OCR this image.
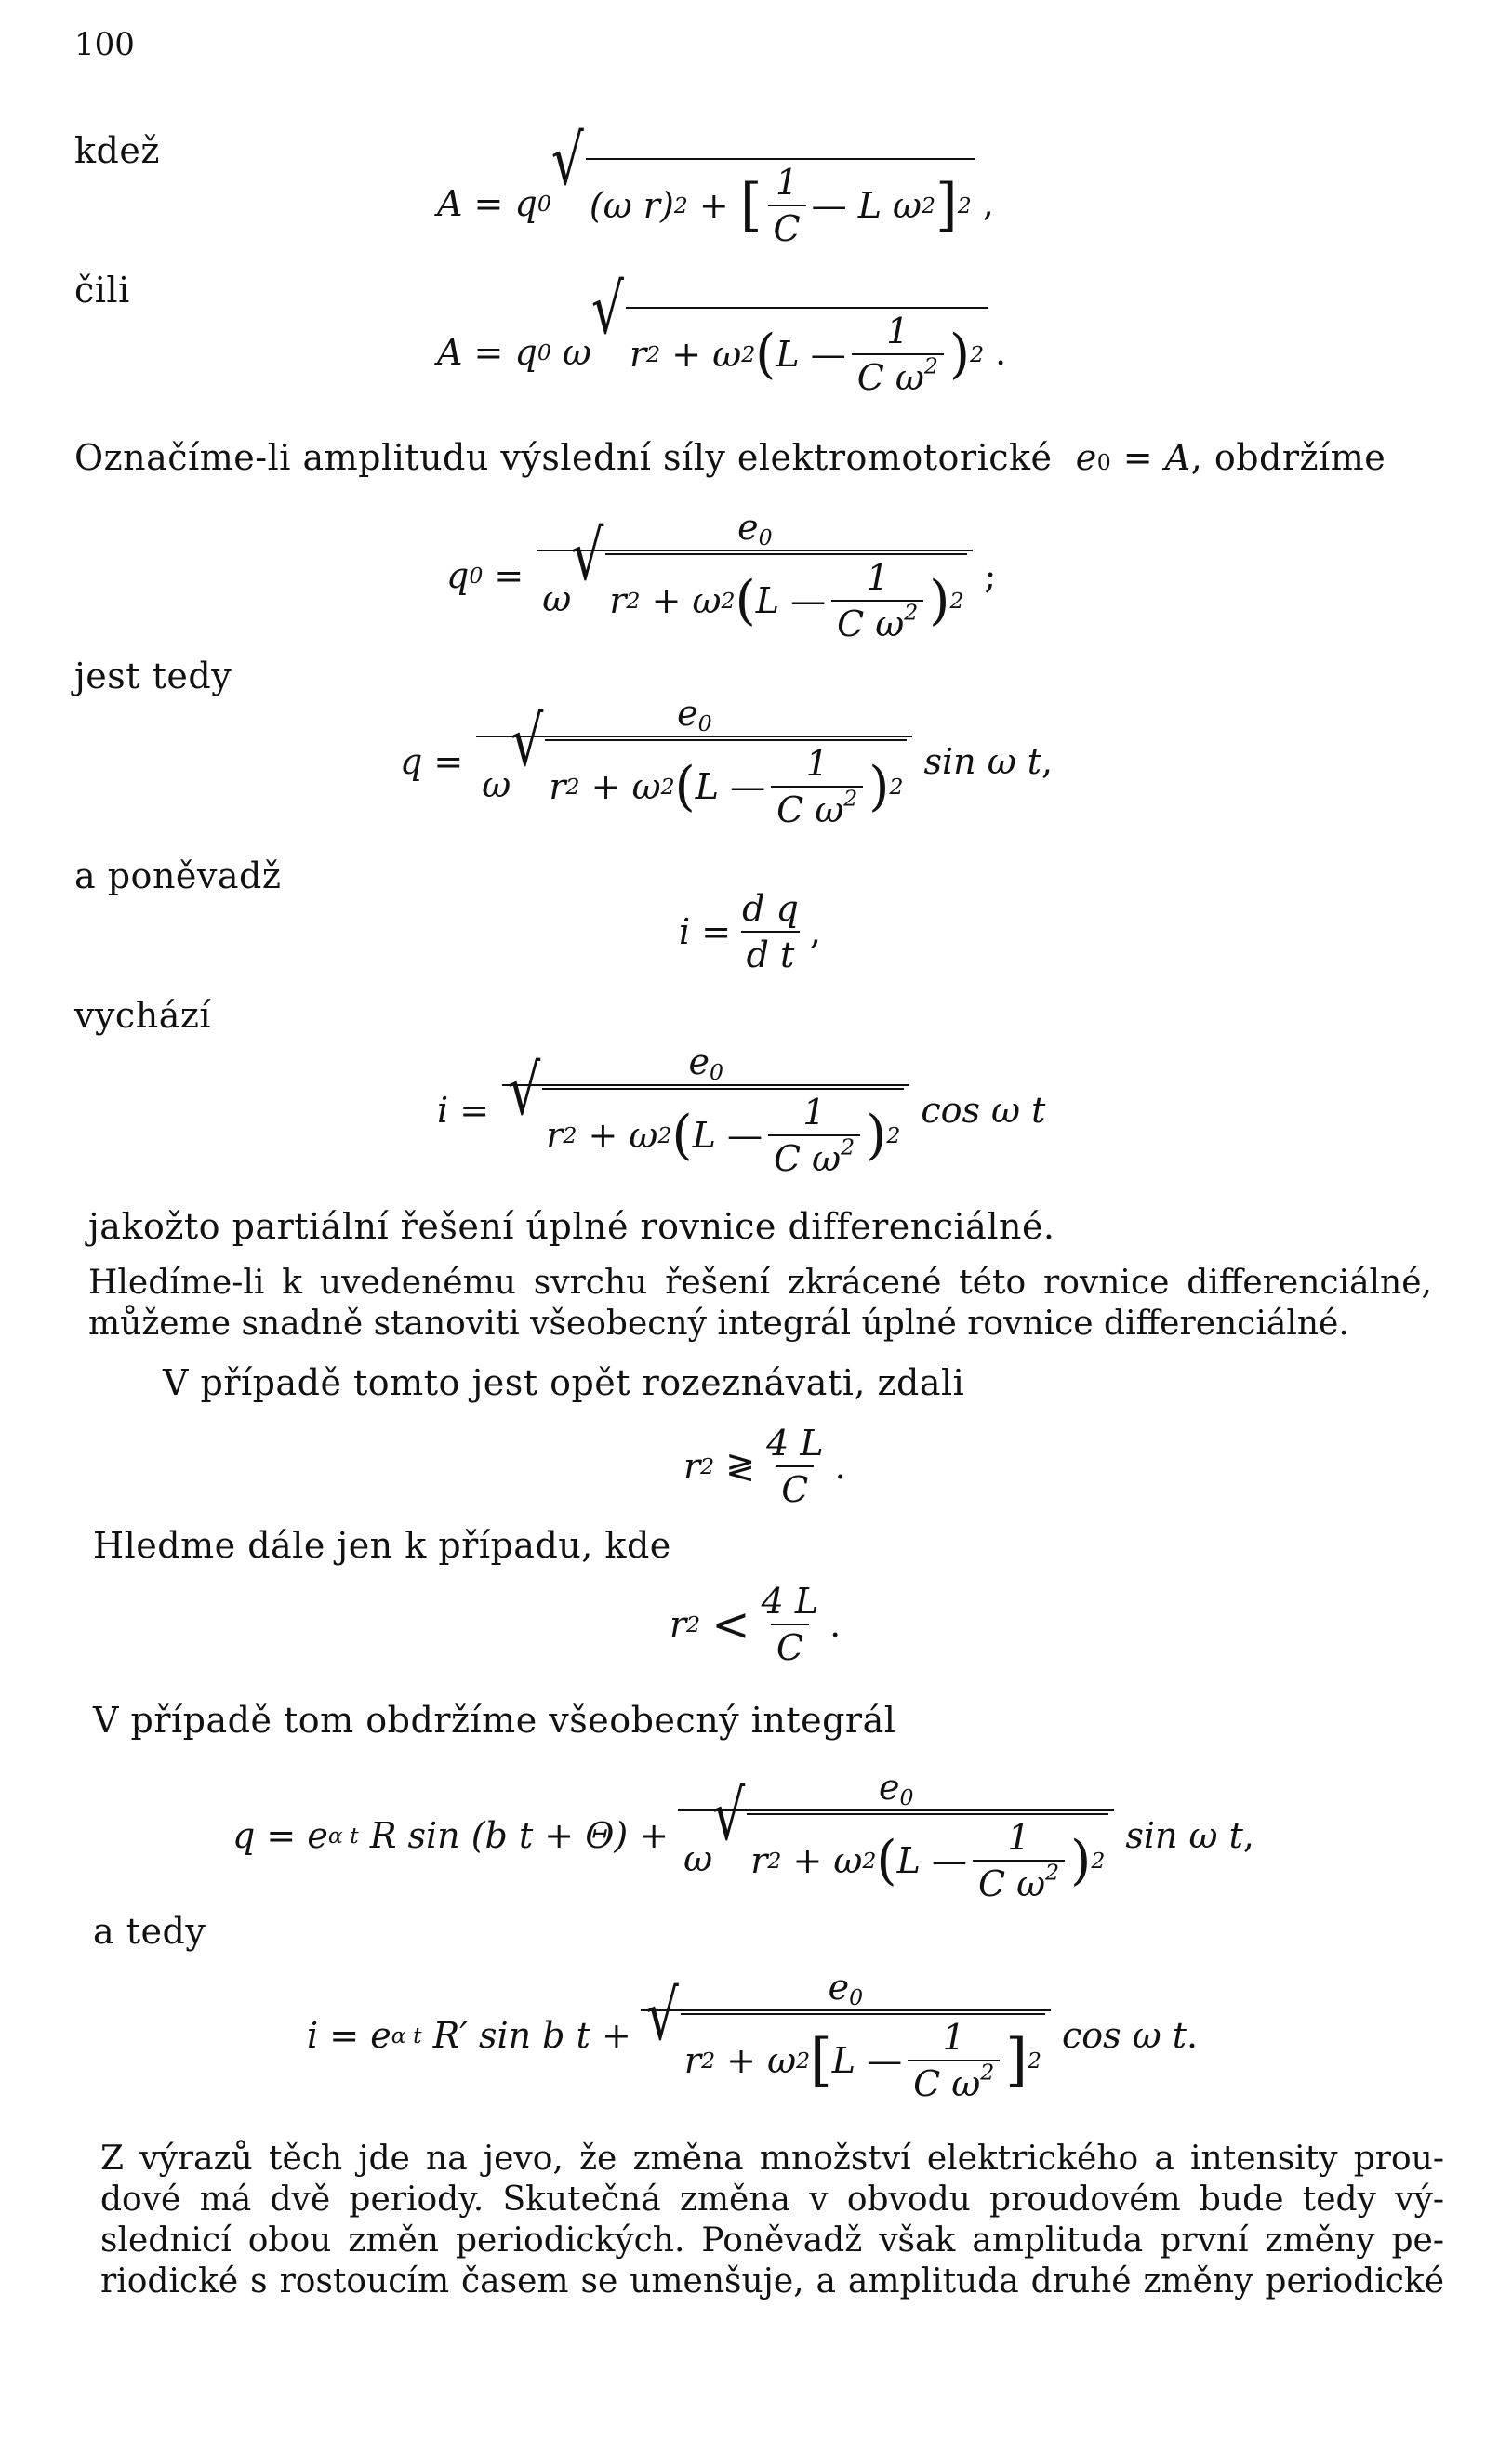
100
kdež
A
=
q 0
√
(ω r) 2
+
[ $\frac{1}{C}$ —
L ω 2 ] 2 ,
čili
A
=
q 0
ω
√
r 2
+
ω 2 ( L
— $\frac{1}{C \omega^2}$ ) 2 .
Označíme-li amplitudu výslední síly elektromotorické
e 0
=
A , obdržíme
q 0
=
$e_0$
ω
√
r 2
+
ω 2 ( L
— $\frac{1}{C \omega^2}$ ) 2
;
jest tedy
q
=
$e_0$
ω
√
r 2
+
ω 2 ( L
— $\frac{1}{C \omega^2}$ ) 2
sin ω t ,
a poněvadž
i
= $\frac{\text{d q}}{\text{d t}}$ ,
vychází
i
= $e_0$
√
r 2
+
ω 2 ( L
— $\frac{1}{C \omega^2}$ ) 2 cos ω t
jakožto partiální řešení úplné rovnice differenciálné.
Hledíme-li k uvedenému svrchu řešení zkrácené této rovnice differenciálné,
můžeme snadně stanoviti všeobecný integrál úplné rovnice differenciálné.
V případě tomto jest opět rozeznávati, zdali
r 2
≷ $\frac{4 L}{C}$ .
Hledme dále jen k případu, kde
r 2
< $\frac{4 L}{C}$ .
V případě tom obdržíme všeobecný integrál
q
=
e α t
R sin (b t + Θ)
+
$e_0$
ω
√
r 2
+
ω 2 ( L
— $\frac{1}{C \omega^2}$ ) 2
sin ω t ,
a tedy
i
=
e α t
R′ sin b t
+ $e_0$
√
r 2
+
ω 2 [ L
— $\frac{1}{C \omega^2}$ ] 2 cos ω t .
Z výrazů těch jde na jevo, že změna množství elektrického a intensity prou-
dové má dvě periody. Skutečná změna v obvodu proudovém bude tedy vý-
slednicí obou změn periodických. Poněvadž však amplituda první změny pe-
riodické s rostoucím časem se umenšuje, a amplituda druhé změny periodické
